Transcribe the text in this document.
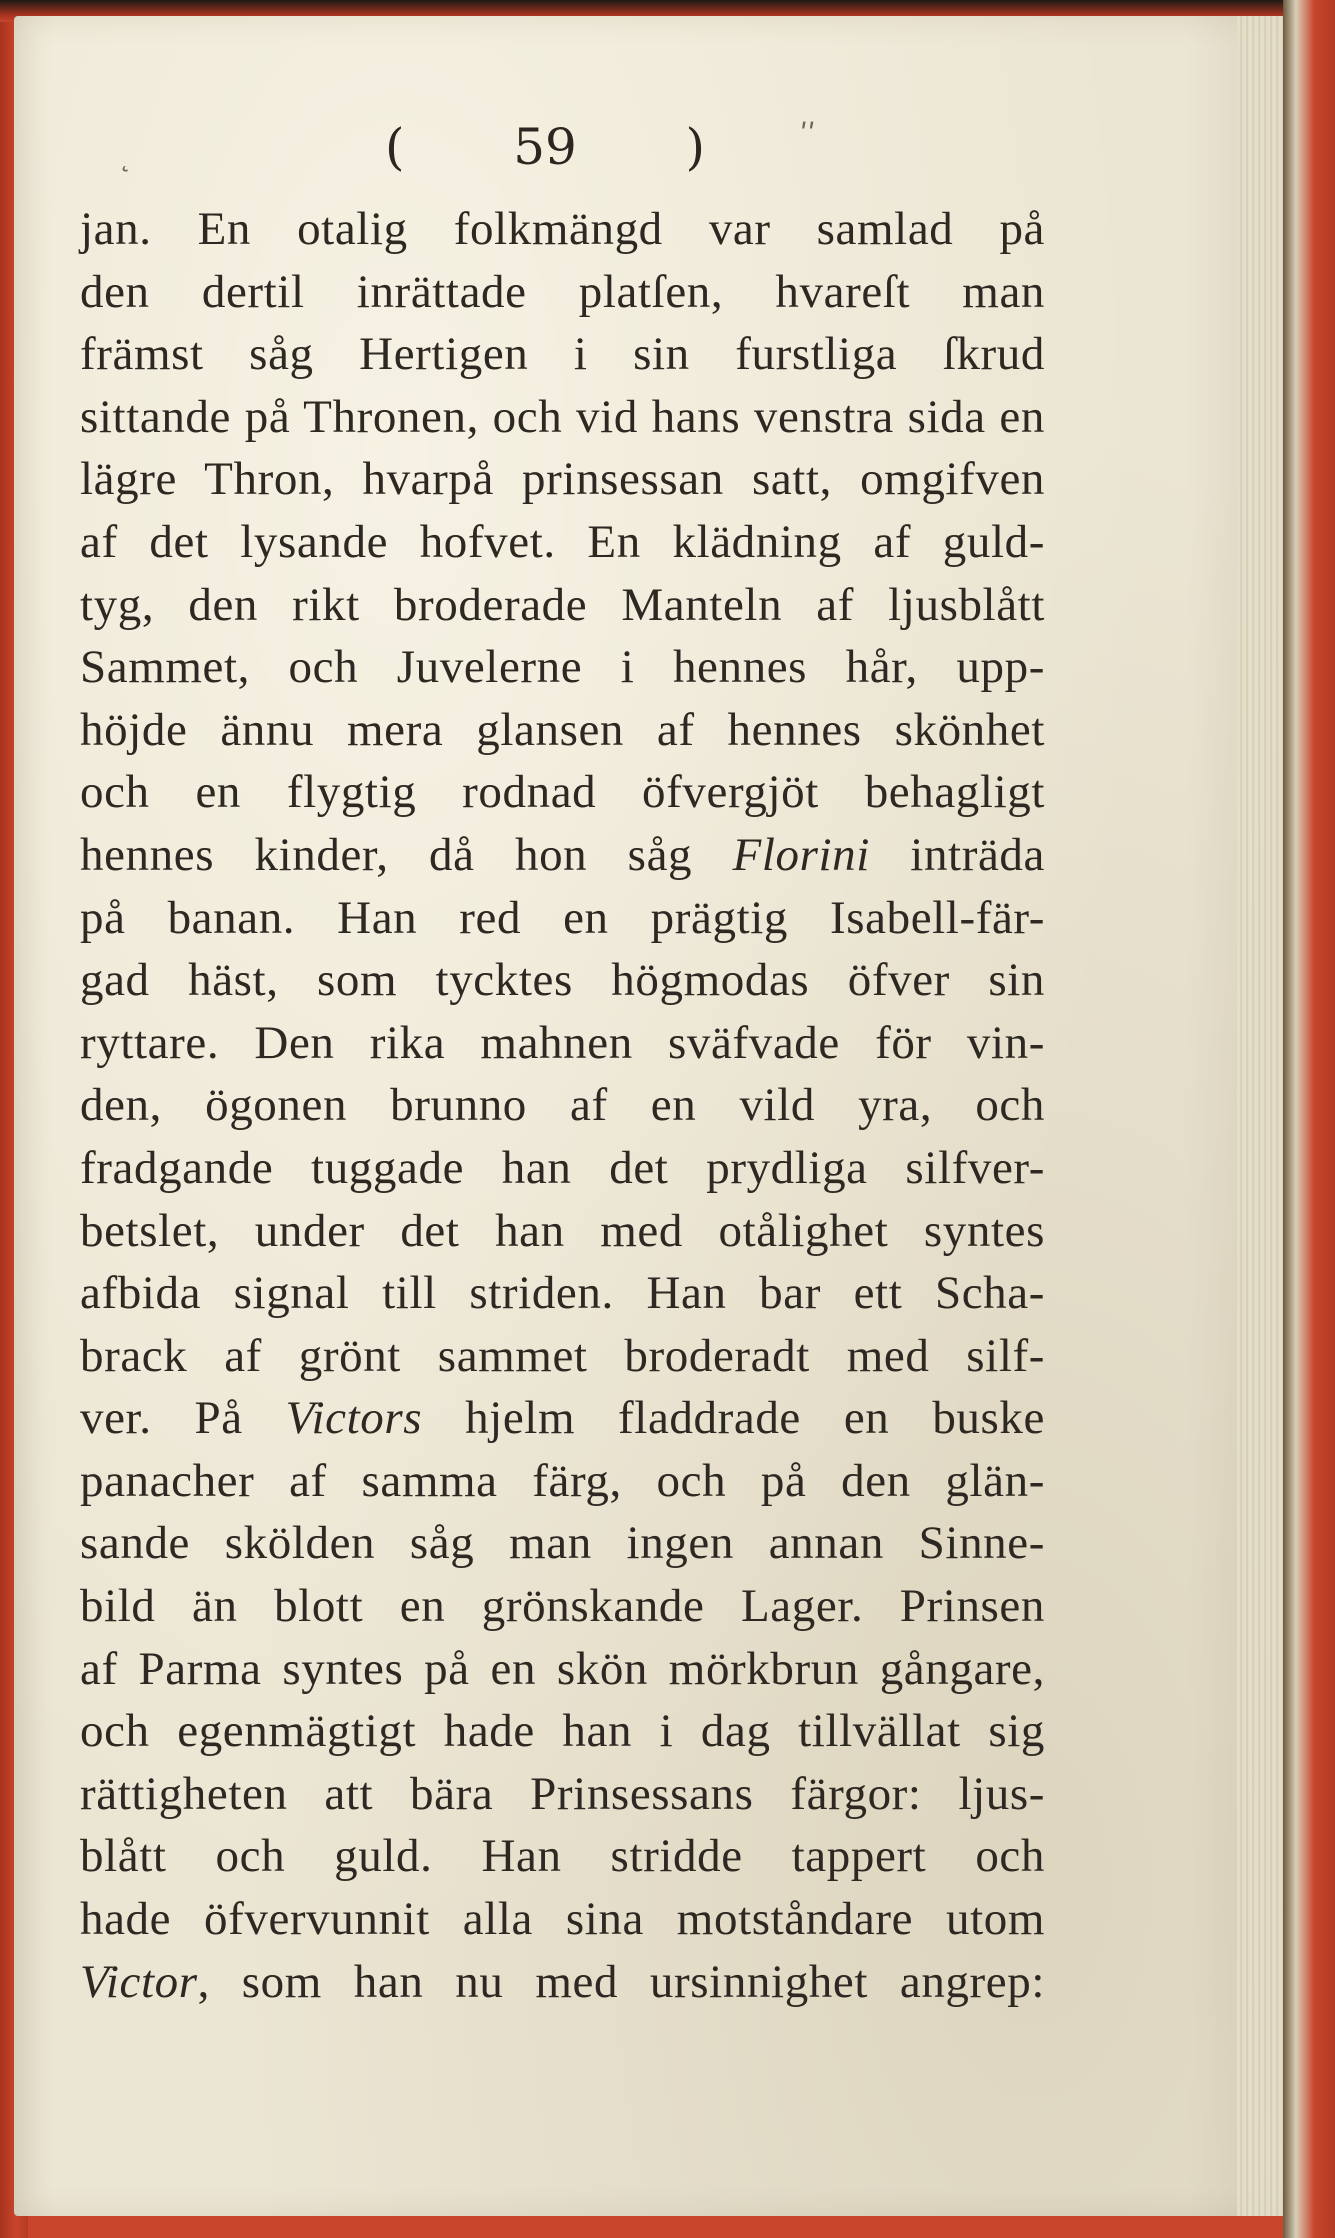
˛
ʹʹ
( 59 )
jan. En otalig folkmängd var samlad på
den dertil inrättade platſen, hvareſt man
främst såg Hertigen i sin furstliga ſkrud
sittande på Thronen, och vid hans venstra sida en
lägre Thron, hvarpå prinsessan satt, omgifven
af det lysande hofvet. En klädning af guld-
tyg, den rikt broderade Manteln af ljusblått
Sammet, och Juvelerne i hennes hår, upp-
höjde ännu mera glansen af hennes skönhet
och en flygtig rodnad öfvergjöt behagligt
hennes kinder, då hon såg Florini inträda
på banan. Han red en prägtig Isabell-fär-
gad häst, som tycktes högmodas öfver sin
ryttare. Den rika mahnen sväfvade för vin-
den, ögonen brunno af en vild yra, och
fradgande tuggade han det prydliga silfver-
betslet, under det han med otålighet syntes
afbida signal till striden. Han bar ett Scha-
brack af grönt sammet broderadt med silf-
ver. På Victors hjelm fladdrade en buske
panacher af samma färg, och på den glän-
sande skölden såg man ingen annan Sinne-
bild än blott en grönskande Lager. Prinsen
af Parma syntes på en skön mörkbrun gångare,
och egenmägtigt hade han i dag tillvällat sig
rättigheten att bära Prinsessans färgor: ljus-
blått och guld. Han stridde tappert och
hade öfvervunnit alla sina motståndare utom
Victor, som han nu med ursinnighet angrep:
